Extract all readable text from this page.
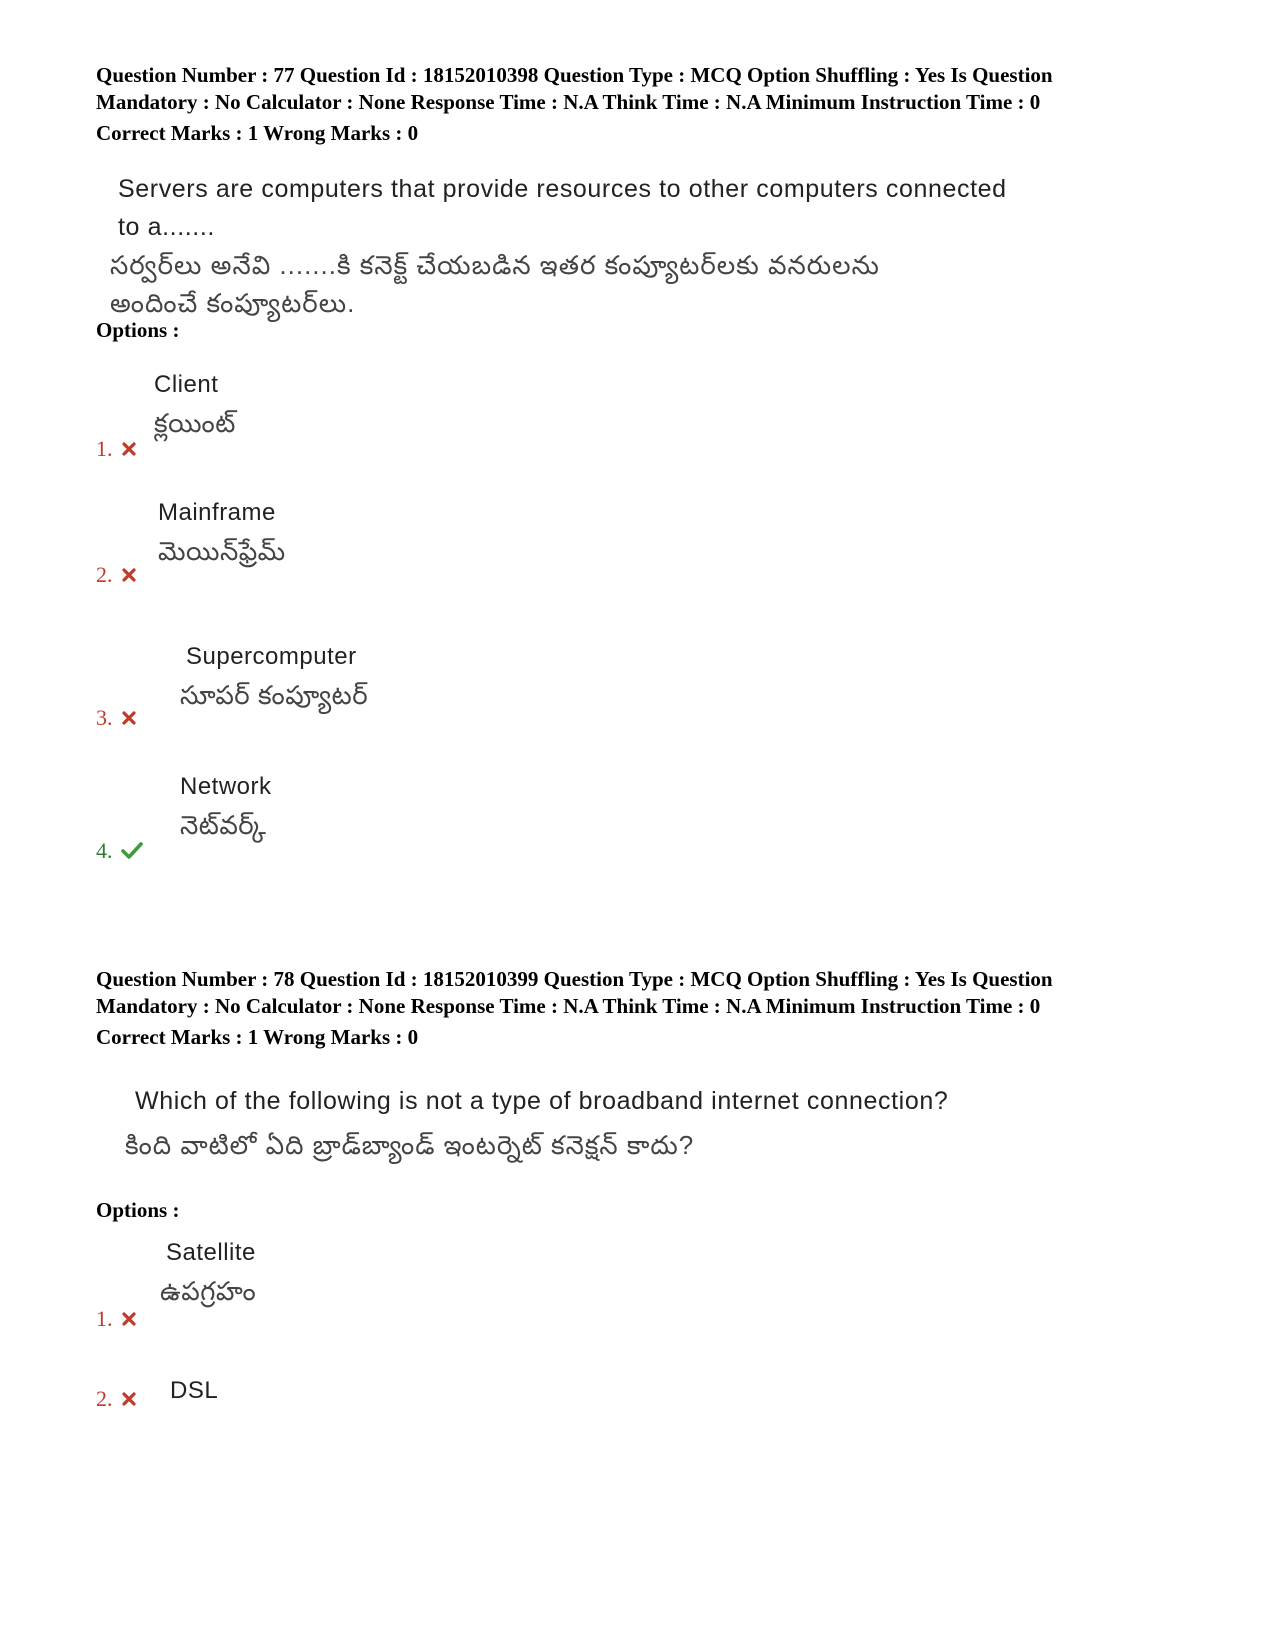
Question Number : 77 Question Id : 18152010398 Question Type : MCQ Option Shuffling : Yes Is Question
Mandatory : No Calculator : None Response Time : N.A Think Time : N.A Minimum Instruction Time : 0
Correct Marks : 1 Wrong Marks : 0
Servers are computers that provide resources to other computers connected
to a.......
సర్వర్‌లు అనేవి .......కి కనెక్ట్ చేయబడిన ఇతర కంప్యూటర్‌లకు వనరులను
అందించే కంప్యూటర్‌లు.
Options :
Client
క్లయింట్
1.
Mainframe
మెయిన్‌ఫ్రేమ్
2.
Supercomputer
సూపర్ కంప్యూటర్
3.
Network
నెట్‌వర్క్
4.
Question Number : 78 Question Id : 18152010399 Question Type : MCQ Option Shuffling : Yes Is Question
Mandatory : No Calculator : None Response Time : N.A Think Time : N.A Minimum Instruction Time : 0
Correct Marks : 1 Wrong Marks : 0
Which of the following is not a type of broadband internet connection?
కింది వాటిలో ఏది బ్రాడ్‌బ్యాండ్ ఇంటర్నెట్ కనెక్షన్ కాదు?
Options :
Satellite
ఉపగ్రహం
1.
DSL
2.
